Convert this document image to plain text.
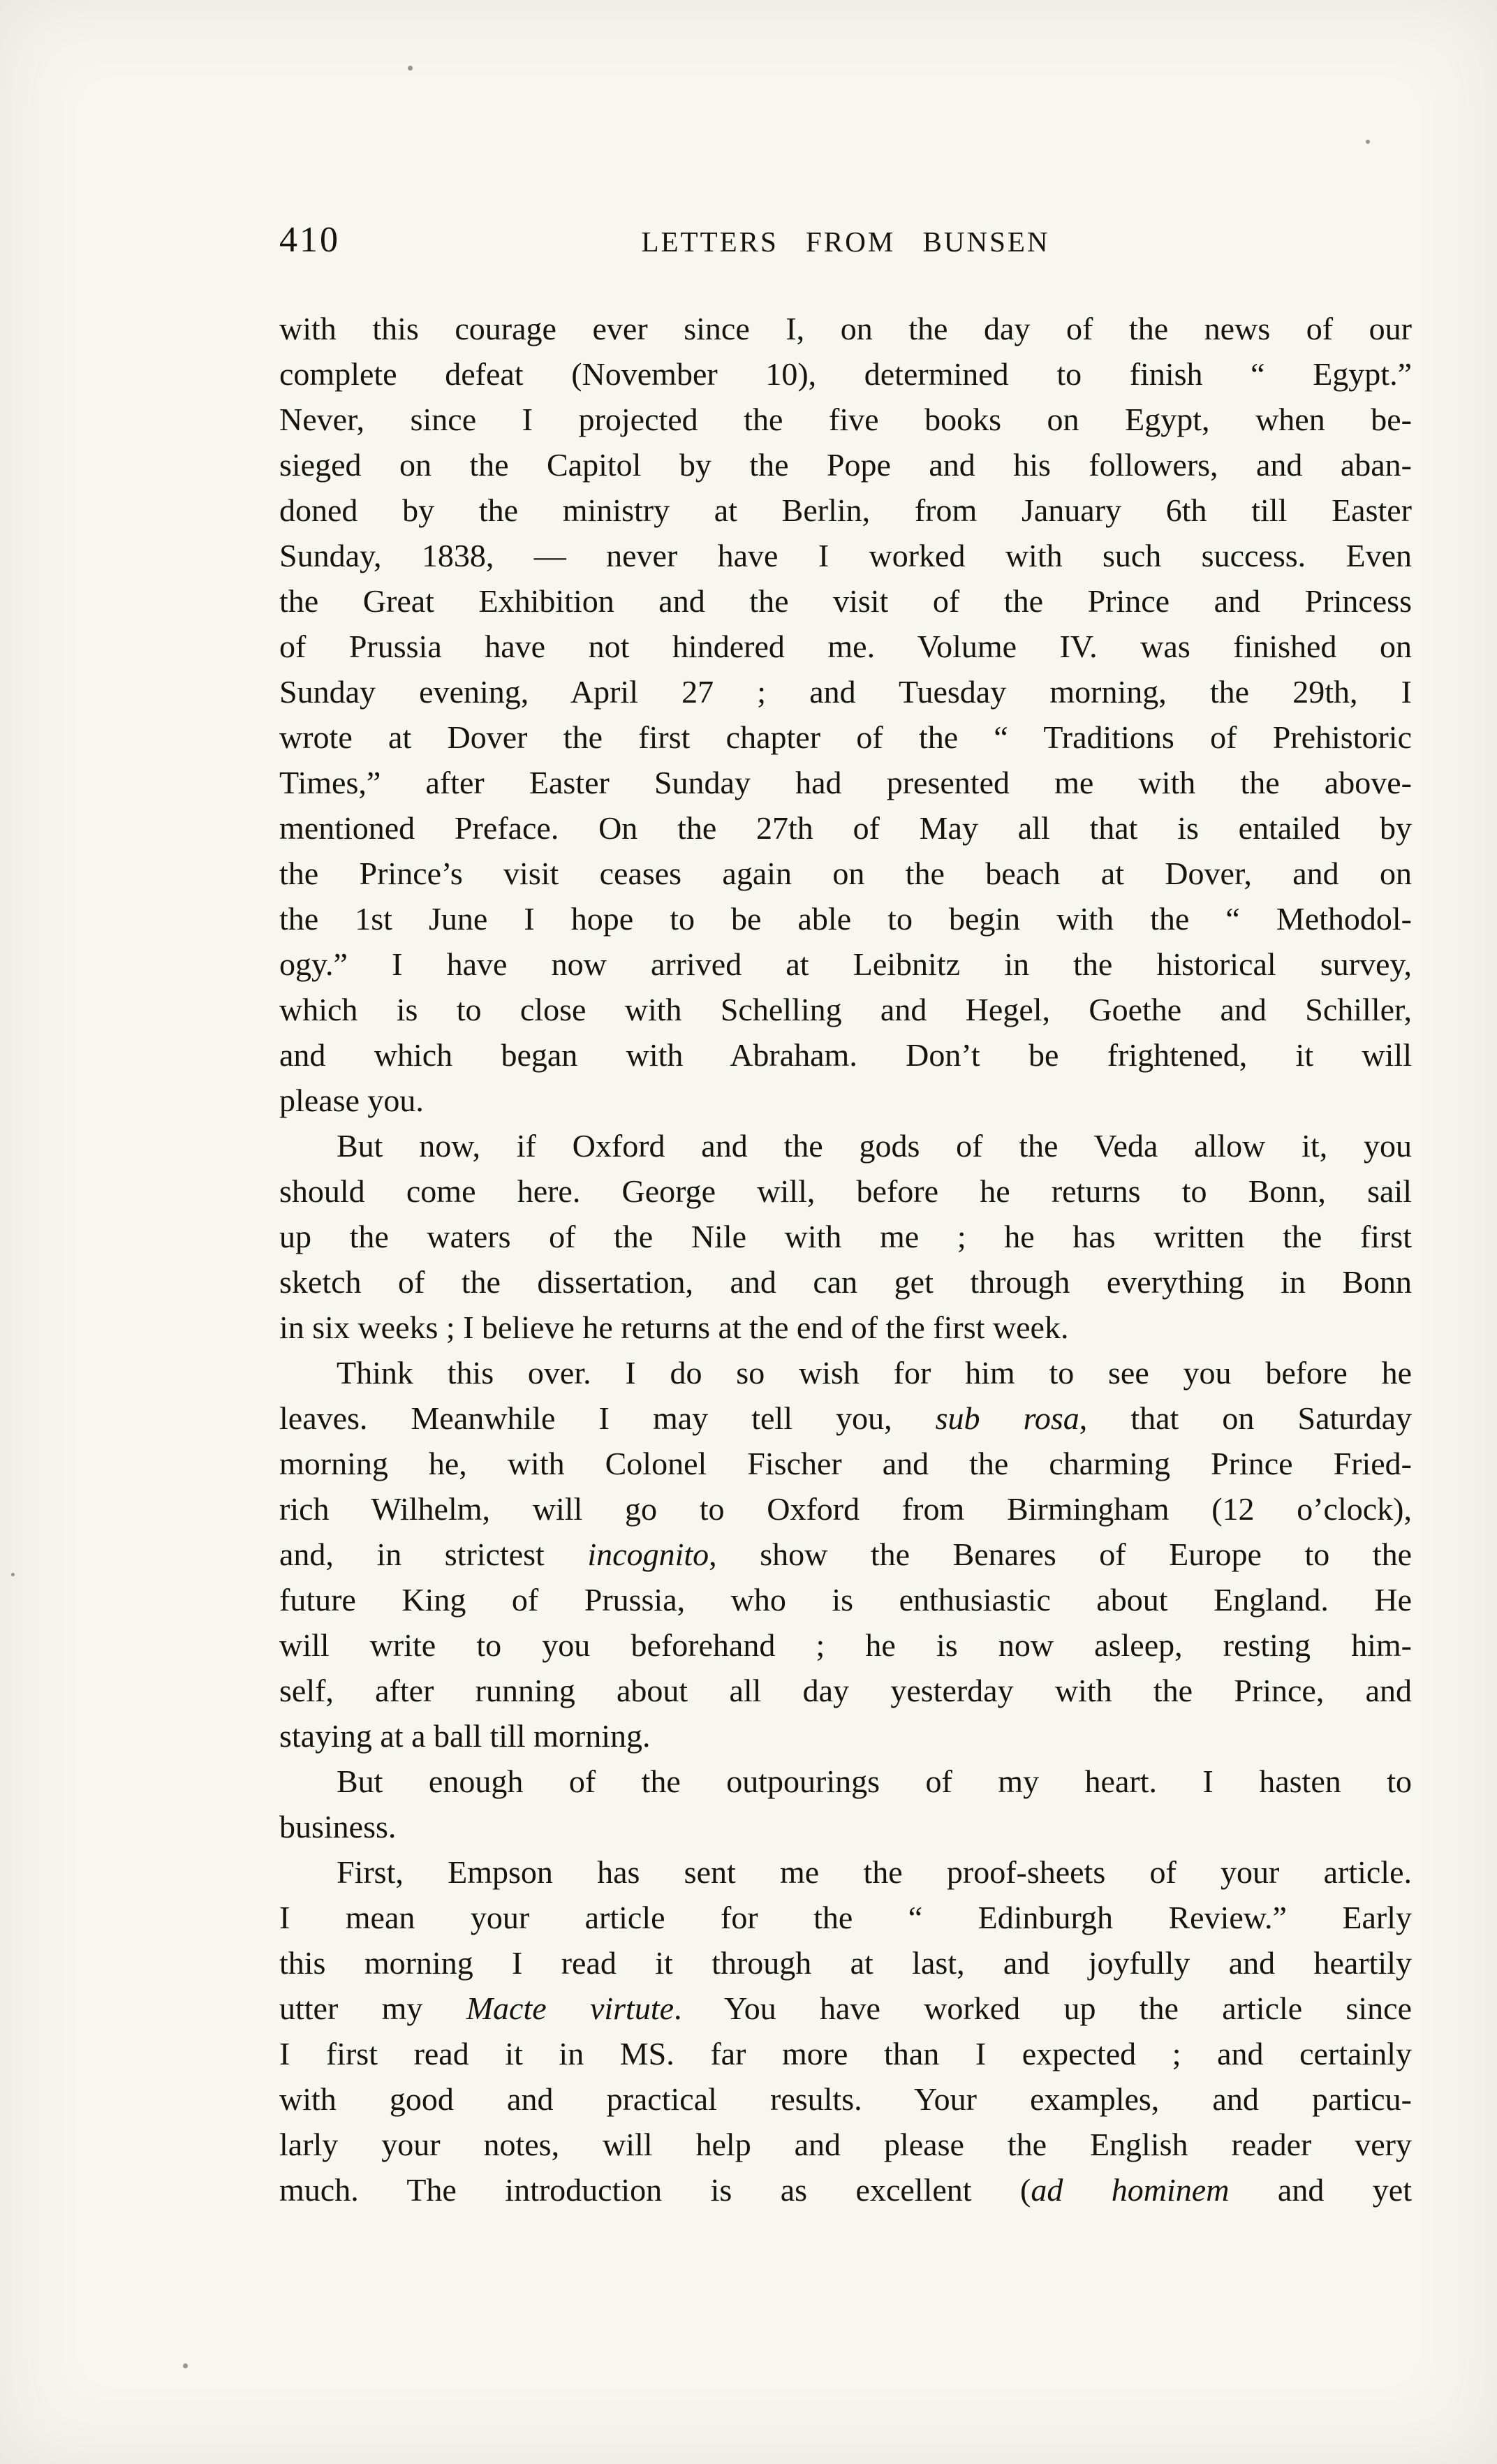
410	LETTERS FROM BUNSEN
with this courage ever since I, on the day of the news of our
complete defeat (November 10), determined to finish “ Egypt.”
Never, since I projected the five books on Egypt, when be-
sieged on the Capitol by the Pope and his followers, and aban-
doned by the ministry at Berlin, from January 6th till Easter
Sunday, 1838, — never have I worked with such success. Even
the Great Exhibition and the visit of the Prince and Princess
of Prussia have not hindered me. Volume IV. was finished on
Sunday evening, April 27 ; and Tuesday morning, the 29th, I
wrote at Dover the first chapter of the “ Traditions of Prehistoric
Times,” after Easter Sunday had presented me with the above-
mentioned Preface. On the 27th of May all that is entailed by
the Prince’s visit ceases again on the beach at Dover, and on
the 1st June I hope to be able to begin with the “ Methodol-
ogy.” I have now arrived at Leibnitz in the historical survey,
which is to close with Schelling and Hegel, Goethe and Schiller,
and which began with Abraham. Don’t be frightened, it will
please you.
But now, if Oxford and the gods of the Veda allow it, you
should come here. George will, before he returns to Bonn, sail
up the waters of the Nile with me ; he has written the first
sketch of the dissertation, and can get through everything in Bonn
in six weeks ; I believe he returns at the end of the first week.
Think this over. I do so wish for him to see you before he
leaves. Meanwhile I may tell you, sub rosa, that on Saturday
morning he, with Colonel Fischer and the charming Prince Fried-
rich Wilhelm, will go to Oxford from Birmingham (12 o’clock),
and, in strictest incognito, show the Benares of Europe to the
future King of Prussia, who is enthusiastic about England. He
will write to you beforehand ; he is now asleep, resting him-
self, after running about all day yesterday with the Prince, and
staying at a ball till morning.
But enough of the outpourings of my heart. I hasten to
business.
First, Empson has sent me the proof-sheets of your article.
I mean your article for the “ Edinburgh Review.” Early
this morning I read it through at last, and joyfully and heartily
utter my Macte virtute. You have worked up the article since
I first read it in MS. far more than I expected ; and certainly
with good and practical results. Your examples, and particu-
larly your notes, will help and please the English reader very
much. The introduction is as excellent (ad hominem and yet
